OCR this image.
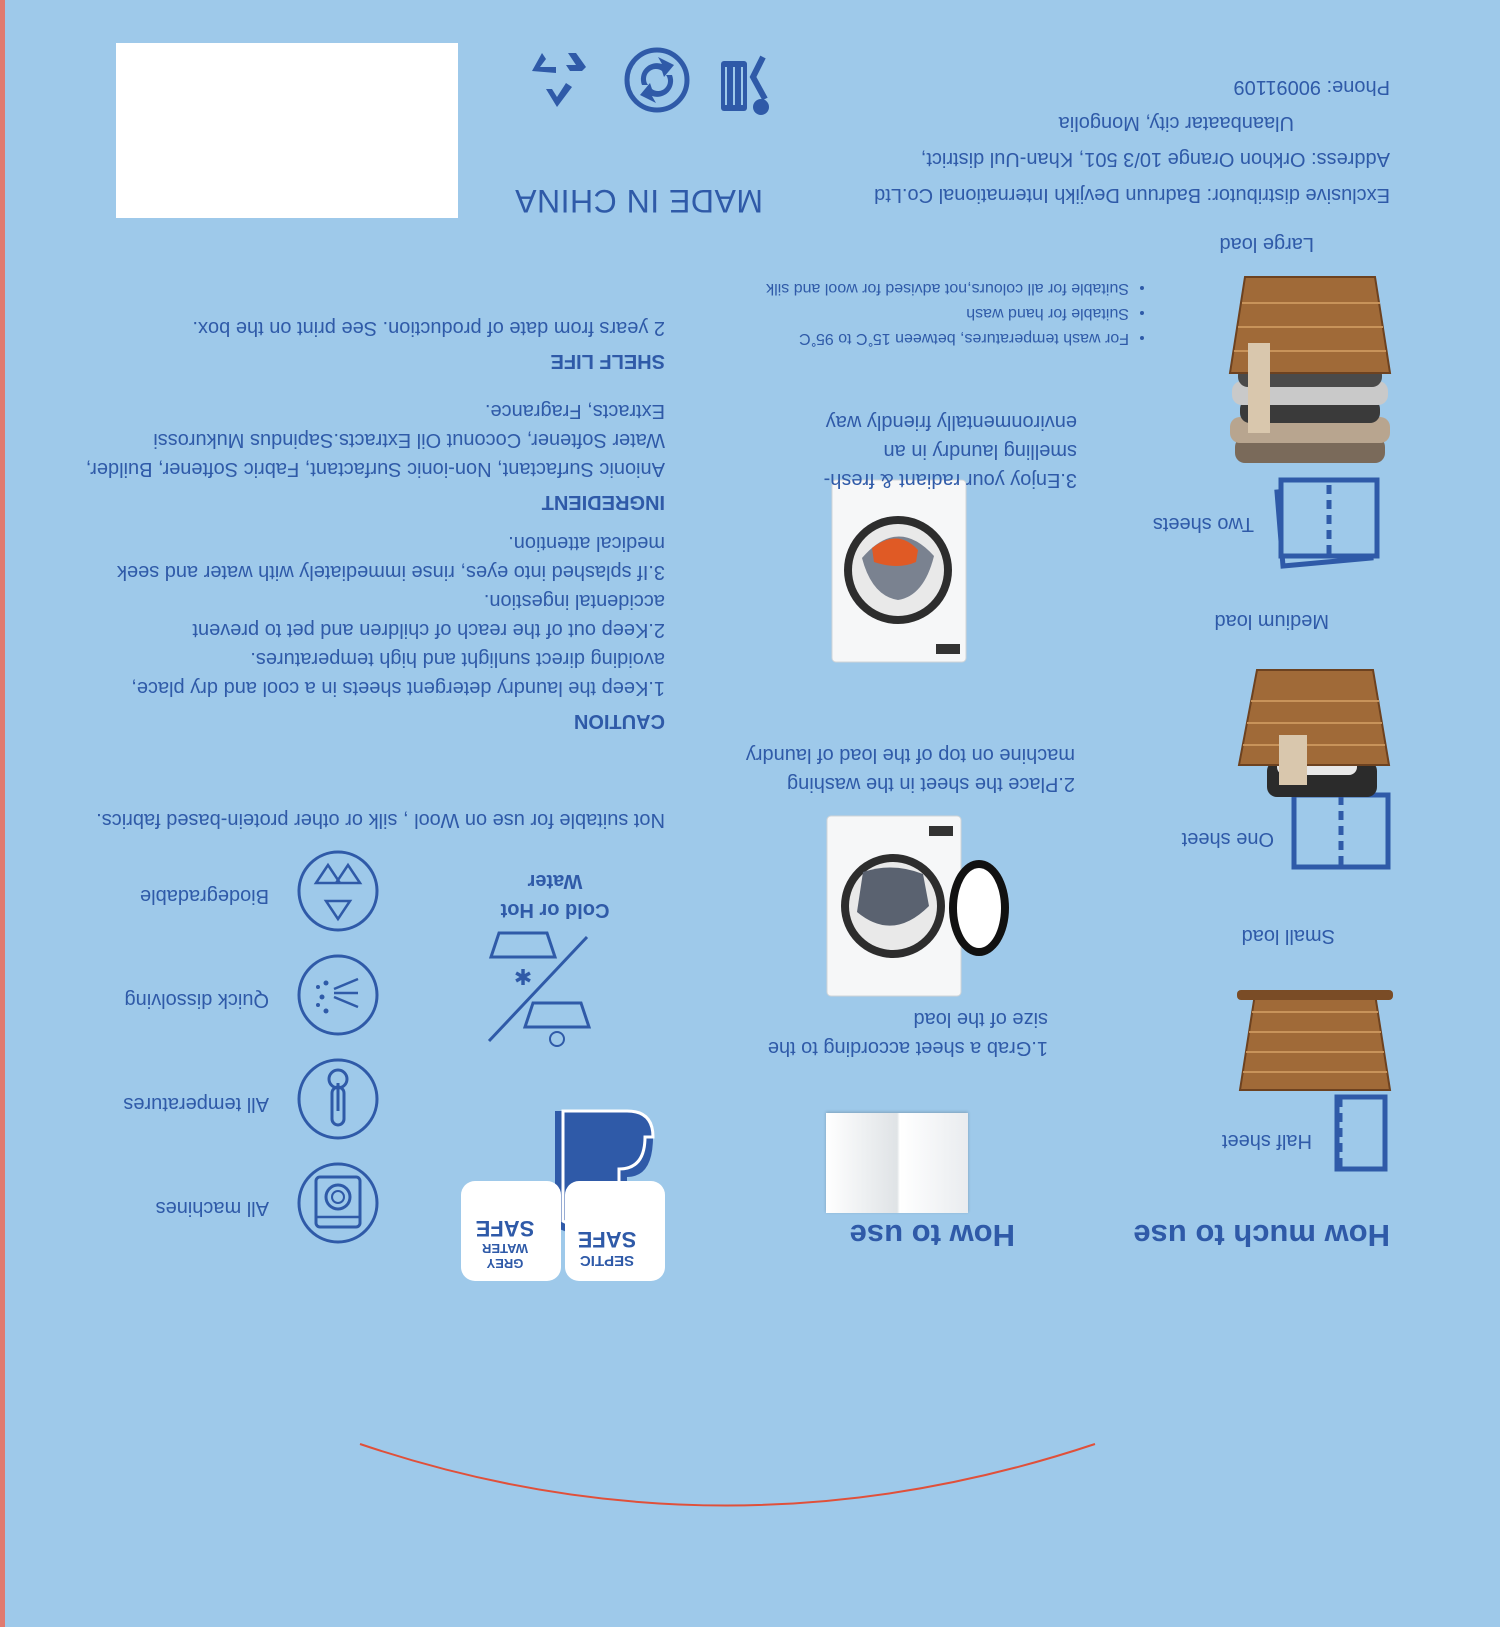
How much to use
Half sheet
Small load
One sheet
Medium load
Two sheets
Large load
Exclusive distributor: Badruun Devjikh International Co.Ltd
Address: Orkhon Orange 10/3 501, Khan-Uul district,
Ulaanbaatar city, Mongolia
Phone: 90091109
How to use
1.Grab a sheet according to the size of the load
2.Place the sheet in the washing machine on top of the load of laundry
3.Enjoy your radiant & fresh-smelling laundry in an environmentally friendly way
• For wash temperatures, between 15˚C to 95˚C
• Suitable for hand wash
• Suitable for all colours,not advised for wool and silk
MADE IN CHINA
SEPTIC
SAFE
GREY
WATER
SAFE
✱
Cold or Hot Water
Biodegradable
Quick dissolving
All temperatures
All machines
Not suitable for use on Wool , silk or other protein-based fabrics.
CAUTION
1.Keep the laundry detergent sheets in a cool and dry place, avoiding direct sunlight and high temperatures.
2.Keep out of the reach of children and pet to prevent accidental ingestion.
3.If splashed into eyes, rinse immediately with water and seek medical attention.
INGREDIENT
Anionic Surfactant, Non-ionic Surfactant, Fabric Softener, Builder, Water Softener, Coconut Oil Extracts.Sapindus Mukurossi Extracts, Fragrance.
SHELF LIFE
2 years from date of production. See print on the box.
